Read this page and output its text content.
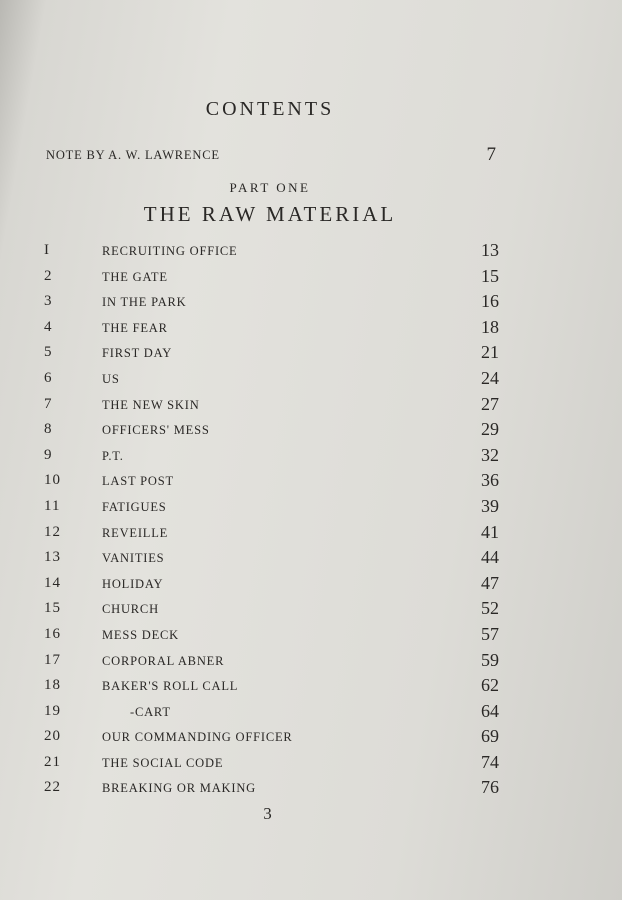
CONTENTS
NOTE BY A. W. LAWRENCE	7
PART ONE
THE RAW MATERIAL
I	RECRUITING OFFICE	13
2	THE GATE	15
3	IN THE PARK	16
4	THE FEAR	18
5	FIRST DAY	21
6	US	24
7	THE NEW SKIN	27
8	OFFICERS' MESS	29
9	P.T.	32
10	LAST POST	36
11	FATIGUES	39
12	REVEILLE	41
13	VANITIES	44
14	HOLIDAY	47
15	CHURCH	52
16	MESS DECK	57
17	CORPORAL ABNER	59
18	BAKER'S ROLL CALL	62
19	-CART	64
20	OUR COMMANDING OFFICER	69
21	THE SOCIAL CODE	74
22	BREAKING OR MAKING	76
3
